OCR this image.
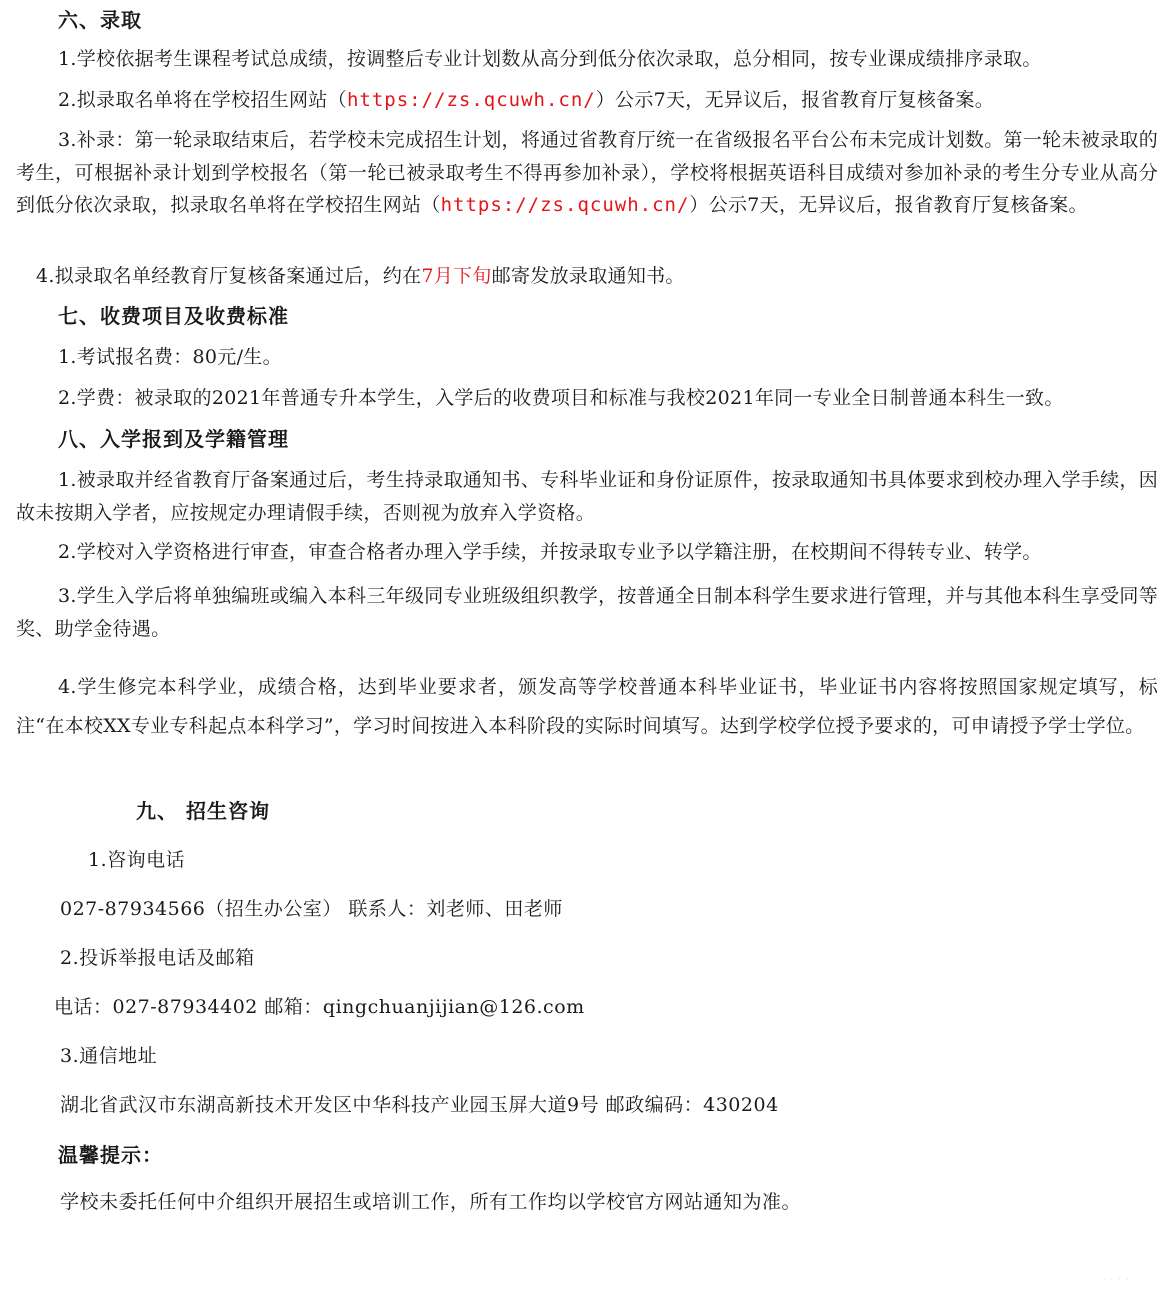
六、录取

1.学校依据考生课程考试总成绩，按调整后专业计划数从高分到低分依次录取，总分相同，按专业课成绩排序录取。

2.拟录取名单将在学校招生网站（https://zs.qcuwh.cn/）公示7天，无异议后，报省教育厅复核备案。

3.补录：第一轮录取结束后，若学校未完成招生计划，将通过省教育厅统一在省级报名平台公布未完成计划数。第一轮未被录取的考生，可根据补录计划到学校报名（第一轮已被录取考生不得再参加补录），学校将根据英语科目成绩对参加补录的考生分专业从高分到低分依次录取，拟录取名单将在学校招生网站（https://zs.qcuwh.cn/）公示7天，无异议后，报省教育厅复核备案。

4.拟录取名单经教育厅复核备案通过后，约在7月下旬邮寄发放录取通知书。

七、收费项目及收费标准

1.考试报名费：80元/生。

2.学费：被录取的2021年普通专升本学生，入学后的收费项目和标准与我校2021年同一专业全日制普通本科生一致。

八、入学报到及学籍管理

1.被录取并经省教育厅备案通过后，考生持录取通知书、专科毕业证和身份证原件，按录取通知书具体要求到校办理入学手续，因故未按期入学者，应按规定办理请假手续，否则视为放弃入学资格。

2.学校对入学资格进行审查，审查合格者办理入学手续，并按录取专业予以学籍注册，在校期间不得转专业、转学。

3.学生入学后将单独编班或编入本科三年级同专业班级组织教学，按普通全日制本科学生要求进行管理，并与其他本科生享受同等奖、助学金待遇。

4.学生修完本科学业，成绩合格，达到毕业要求者，颁发高等学校普通本科毕业证书，毕业证书内容将按照国家规定填写，标注“在本校XX专业专科起点本科学习”，学习时间按进入本科阶段的实际时间填写。达到学校学位授予要求的，可申请授予学士学位。

九、 招生咨询
1.咨询电话
027-87934566（招生办公室） 联系人：刘老师、田老师
2.投诉举报电话及邮箱
电话：027-87934402 邮箱：qingchuanjijian@126.com
3.通信地址
湖北省武汉市东湖高新技术开发区中华科技产业园玉屏大道9号 邮政编码：430204
温馨提示：
学校未委托任何中介组织开展招生或培训工作，所有工作均以学校官方网站通知为准。
· · · ·
